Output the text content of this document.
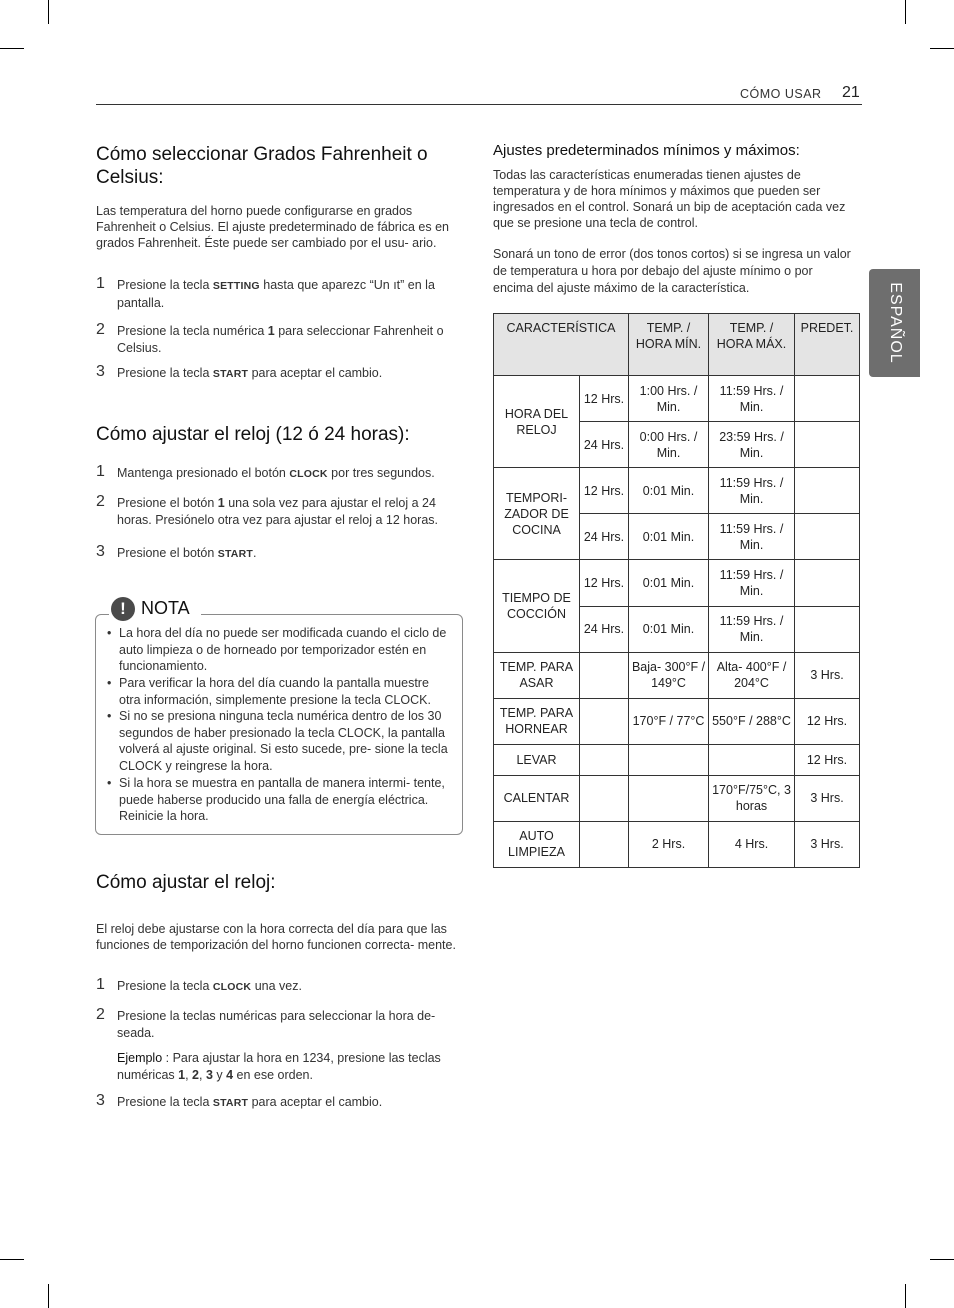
CÓMO USAR 21
ESPAÑOL
Cómo seleccionar Grados Fahrenheit o Celsius:

Las temperatura del horno puede configurarse en grados Fahrenheit o Celsius. El ajuste predeterminado de fábrica es en grados Fahrenheit. Éste puede ser cambiado por el usu- ario.

1 Presione la tecla SETTING hasta que aparezc “Un ıt” en la pantalla.
2 Presione la tecla numérica 1 para seleccionar Fahrenheit o Celsius.
3 Presione la tecla START para aceptar el cambio.
Cómo ajustar el reloj (12 ó 24 horas):
1 Mantenga presionado el botón CLOCK por tres segundos.
2 Presione el botón 1 una sola vez para ajustar el reloj a 24 horas. Presiónelo otra vez para ajustar el reloj a 12 horas.
3 Presione el botón START.
! NOTA
• La hora del día no puede ser modificada cuando el ciclo de auto limpieza o de horneado por temporizador estén en funcionamiento.
• Para verificar la hora del día cuando la pantalla muestre otra información, simplemente presione la tecla CLOCK.
• Si no se presiona ninguna tecla numérica dentro de los 30 segundos de haber presionado la tecla CLOCK, la pantalla volverá al ajuste original. Si esto sucede, pre- sione la tecla CLOCK y reingrese la hora.
• Si la hora se muestra en pantalla de manera intermi- tente, puede haberse producido una falla de energía eléctrica. Reinicie la hora.
Cómo ajustar el reloj:

El reloj debe ajustarse con la hora correcta del día para que las funciones de temporización del horno funcionen correcta- mente.

1 Presione la tecla CLOCK una vez.
2 Presione la teclas numéricas para seleccionar la hora de- seada.
Ejemplo : Para ajustar la hora en 1234, presione las teclas numéricas 1, 2, 3 y 4 en ese orden.
3 Presione la tecla START para aceptar el cambio.
Ajustes predeterminados mínimos y máximos:

Todas las características enumeradas tienen ajustes de temperatura y de hora mínimos y máximos que pueden ser ingresados en el control. Sonará un bip de aceptación cada vez que se presione una tecla de control.

Sonará un tono de error (dos tonos cortos) si se ingresa un valor de temperatura u hora por debajo del ajuste mínimo o por encima del ajuste máximo de la característica.

CARACTERÍSTICA		TEMP. / HORA MÍN.	TEMP. / HORA MÁX.	PREDET.
HORA DEL RELOJ	12 Hrs.	1:00 Hrs. / Min.	11:59 Hrs. / Min.	
	24 Hrs.	0:00 Hrs. / Min.	23:59 Hrs. / Min.	
TEMPORI- ZADOR DE COCINA	12 Hrs.	0:01 Min.	11:59 Hrs. / Min.	
	24 Hrs.	0:01 Min.	11:59 Hrs. / Min.	
TIEMPO DE COCCIÓN	12 Hrs.	0:01 Min.	11:59 Hrs. / Min.	
	24 Hrs.	0:01 Min.	11:59 Hrs. / Min.	
TEMP. PARA ASAR		Baja- 300°F / 149°C	Alta- 400°F / 204°C	3 Hrs.
TEMP. PARA HORNEAR		170°F / 77°C	550°F / 288°C	12 Hrs.
LEVAR				12 Hrs.
CALENTAR			170°F/75°C, 3 horas	3 Hrs.
AUTO LIMPIEZA		2 Hrs.	4 Hrs.	3 Hrs.
